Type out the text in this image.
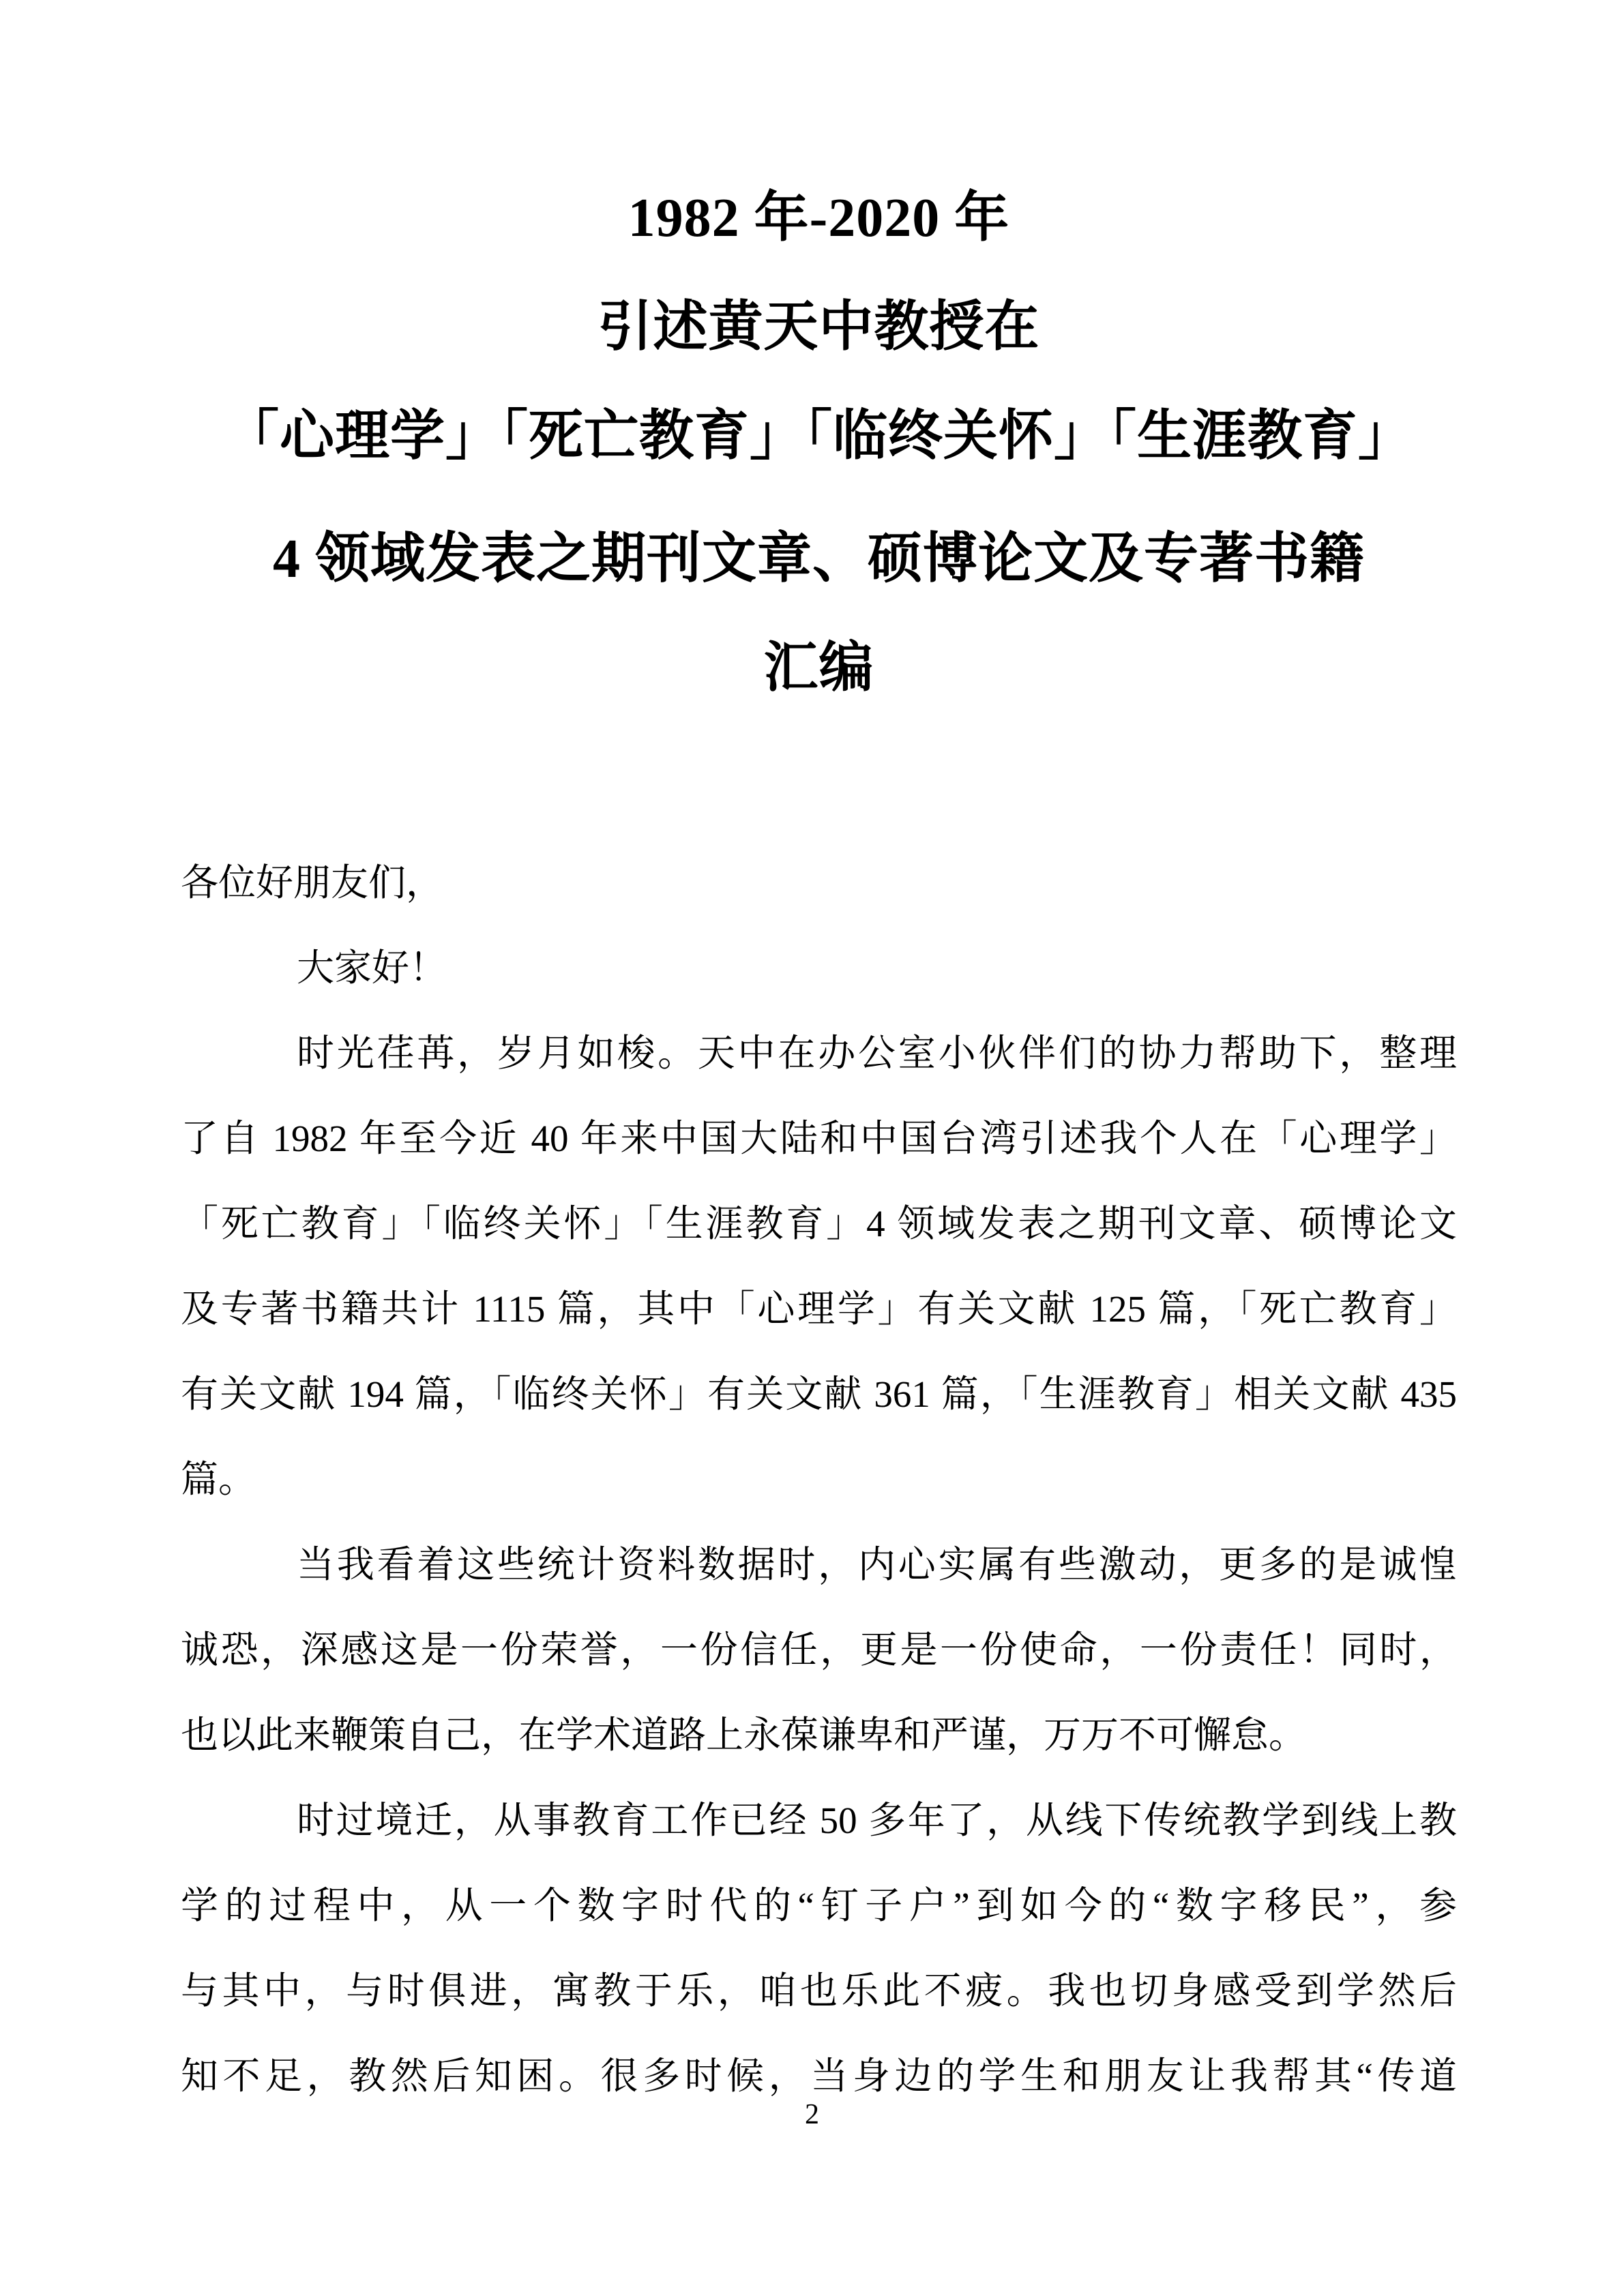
1982 年-2020 年
引述黄天中教授在
「心理学」「死亡教育」「临终关怀」「生涯教育」
4 领域发表之期刊文章、硕博论文及专著书籍
汇编
各位好朋友们，
大家好！
时光荏苒，岁月如梭。天中在办公室小伙伴们的协力帮助下，整理
了自 1982 年至今近 40 年来中国大陆和中国台湾引述我个人在「心理学」
「死亡教育」「临终关怀」「生涯教育」4 领域发表之期刊文章、硕博论文
及专著书籍共计 1115 篇，其中「心理学」有关文献 125 篇，「死亡教育」
有关文献 194 篇，「临终关怀」有关文献 361 篇，「生涯教育」相关文献 435
篇。
当我看着这些统计资料数据时，内心实属有些激动，更多的是诚惶
诚恐，深感这是一份荣誉，一份信任，更是一份使命，一份责任！同时，
也以此来鞭策自己，在学术道路上永葆谦卑和严谨，万万不可懈怠。
时过境迁，从事教育工作已经 50 多年了，从线下传统教学到线上教
学的过程中，从一个数字时代的“钉子户”到如今的“数字移民”，参
与其中，与时俱进，寓教于乐，咱也乐此不疲。我也切身感受到学然后
知不足，教然后知困。很多时候，当身边的学生和朋友让我帮其“传道
2
